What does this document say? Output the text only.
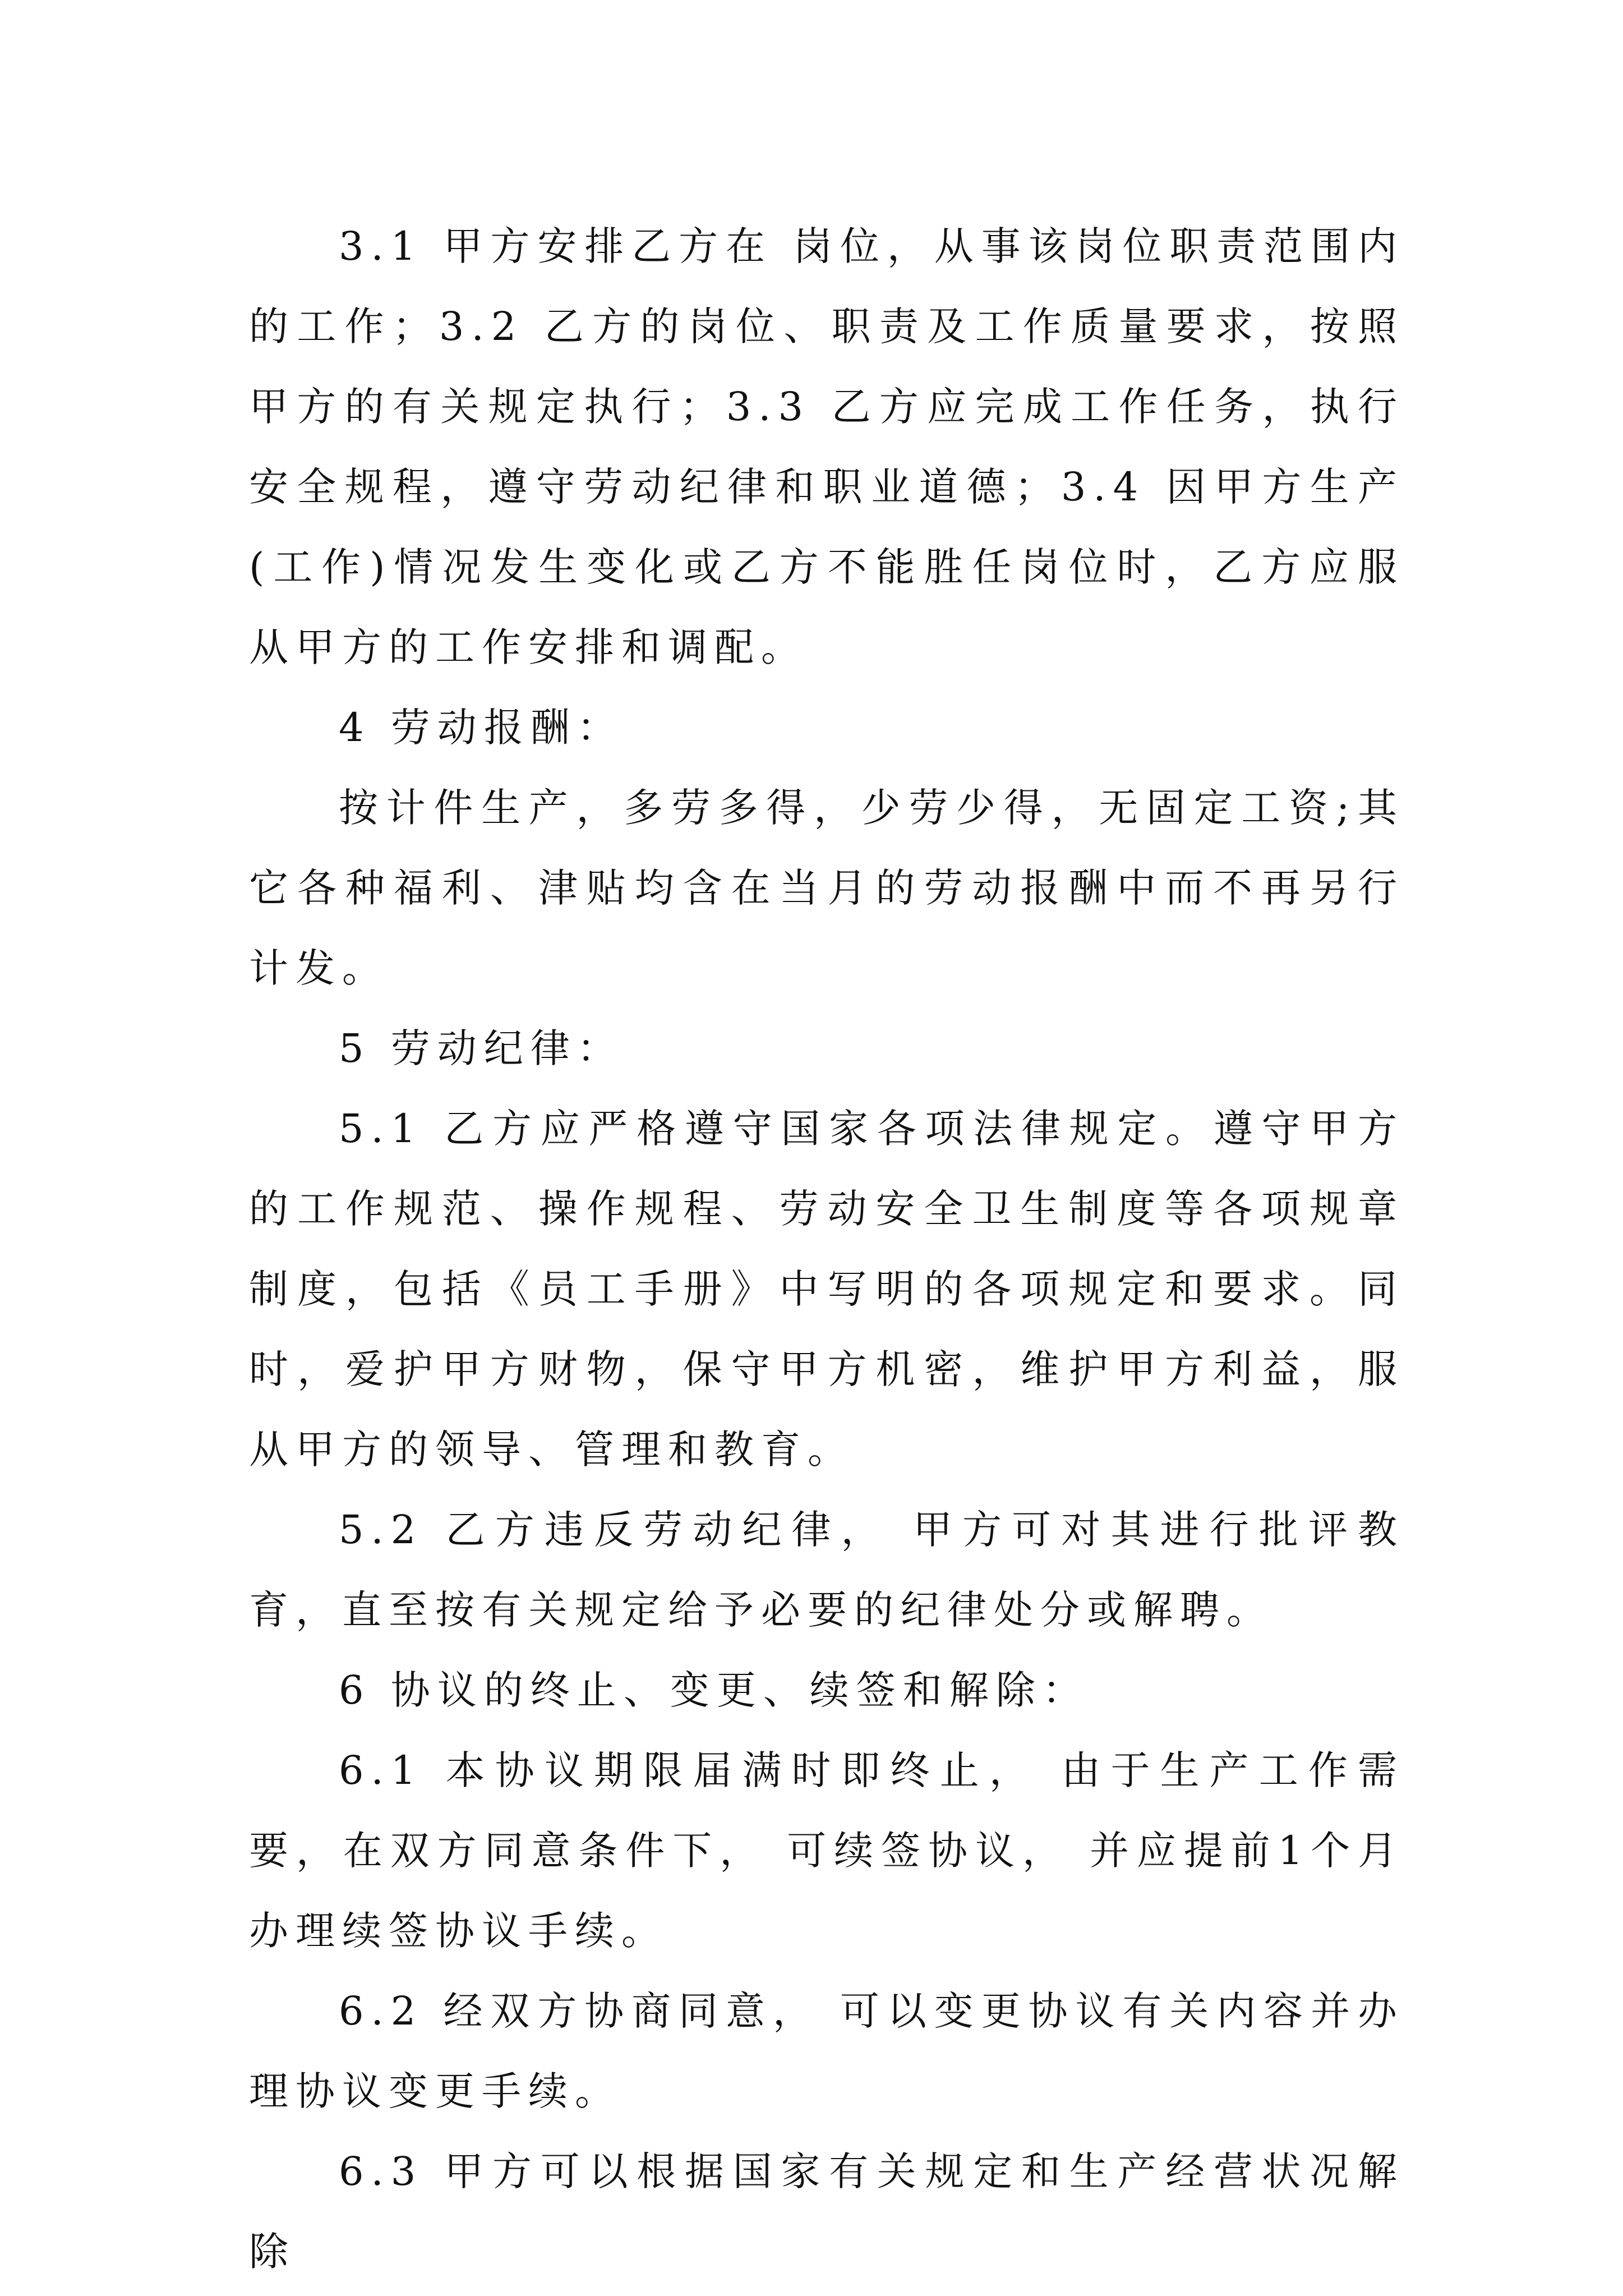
3.1 甲方安排乙方在 岗位，从事该岗位职责范围内的工作；3.2 乙方的岗位、职责及工作质量要求，按照甲方的有关规定执行；3.3 乙方应完成工作任务，执行安全规程，遵守劳动纪律和职业道德；3.4 因甲方生产(工作)情况发生变化或乙方不能胜任岗位时，乙方应服从甲方的工作安排和调配。

4 劳动报酬：

按计件生产，多劳多得，少劳少得，无固定工资;其它各种福利、津贴均含在当月的劳动报酬中而不再另行计发。

5 劳动纪律：

5.1 乙方应严格遵守国家各项法律规定。遵守甲方的工作规范、操作规程、劳动安全卫生制度等各项规章制度，包括《员工手册》中写明的各项规定和要求。同时，爱护甲方财物，保守甲方机密，维护甲方利益，服从甲方的领导、管理和教育。

5.2 乙方违反劳动纪律， 甲方可对其进行批评教育，直至按有关规定给予必要的纪律处分或解聘。

6 协议的终止、变更、续签和解除：

6.1 本协议期限届满时即终止， 由于生产工作需要，在双方同意条件下， 可续签协议， 并应提前1个月办理续签协议手续。

6.2 经双方协商同意， 可以变更协议有关内容并办理协议变更手续。

6.3 甲方可以根据国家有关规定和生产经营状况解除
